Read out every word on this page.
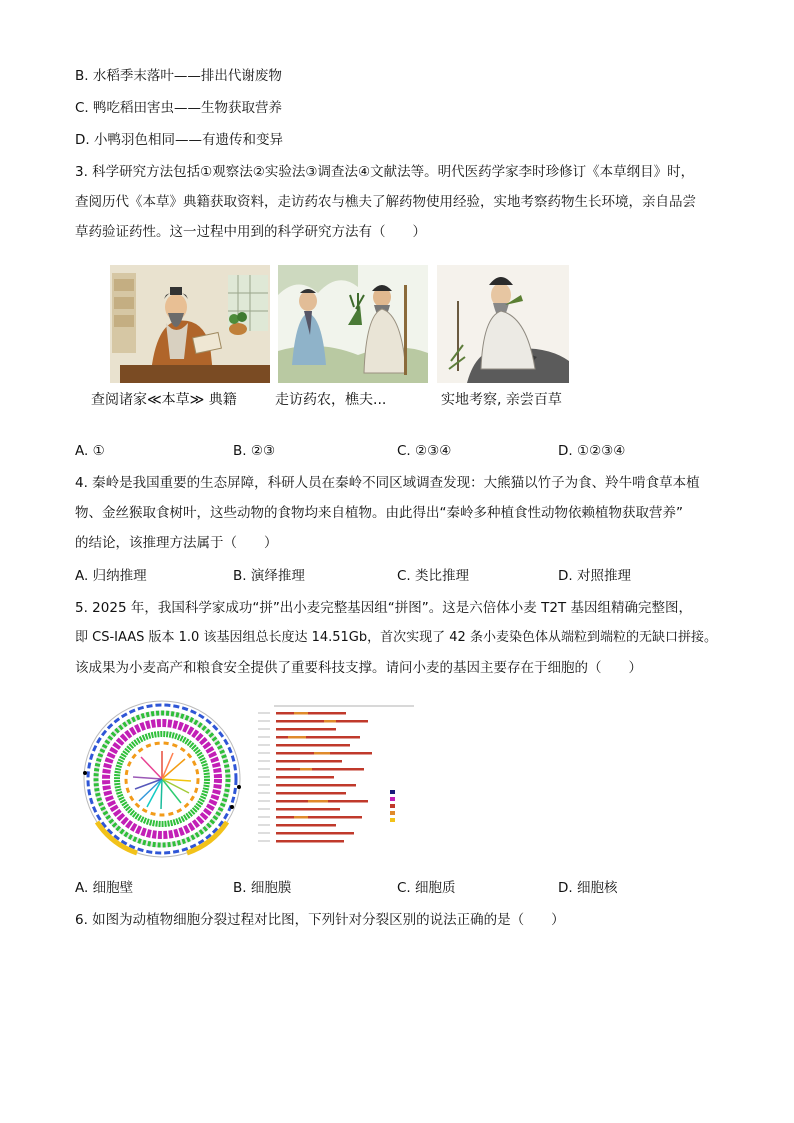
B. 水稻季末落叶——排出代谢废物
C. 鸭吃稻田害虫——生物获取营养
D. 小鸭羽色相同——有遗传和变异
3. 科学研究方法包括①观察法②实验法③调查法④文献法等。明代医药学家李时珍修订《本草纲目》时，
查阅历代《本草》典籍获取资料，走访药农与樵夫了解药物使用经验，实地考察药物生长环境，亲自品尝
草药验证药性。这一过程中用到的科学研究方法有（　　）
查阅诸家≪本草≫ 典籍	走访药农，樵夫...	实地考察, 亲尝百草
A. ①	B. ②③	C. ②③④	D. ①②③④
4. 秦岭是我国重要的生态屏障，科研人员在秦岭不同区域调查发现：大熊猫以竹子为食、羚牛啃食草本植
物、金丝猴取食树叶，这些动物的食物均来自植物。由此得出“秦岭多种植食性动物依赖植物获取营养”
的结论，该推理方法属于（　　）
A. 归纳推理	B. 演绎推理	C. 类比推理	D. 对照推理
5. 2025 年，我国科学家成功“拼”出小麦完整基因组“拼图”。这是六倍体小麦 T2T 基因组精确完整图，
即 CS-IAAS 版本 1.0 该基因组总长度达 14.51Gb，首次实现了 42 条小麦染色体从端粒到端粒的无缺口拼接。
该成果为小麦高产和粮食安全提供了重要科技支撑。请问小麦的基因主要存在于细胞的（　　）
A. 细胞壁	B. 细胞膜	C. 细胞质	D. 细胞核
6. 如图为动植物细胞分裂过程对比图，下列针对分裂区别的说法正确的是（　　）
